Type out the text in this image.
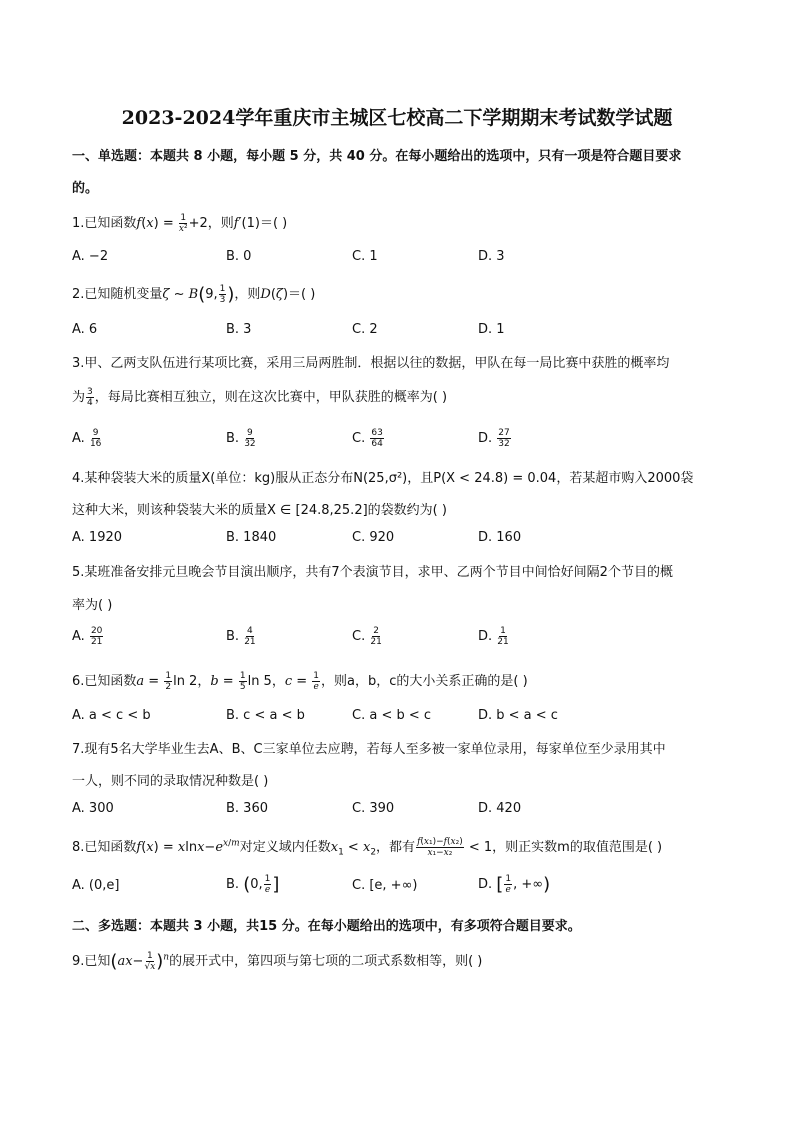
2023-2024学年重庆市主城区七校高二下学期期末考试数学试题
一、单选题：本题共 8 小题，每小题 5 分，共 40 分。在每小题给出的选项中，只有一项是符合题目要求
的。
1.已知函数$f(x) = \frac{1}{\text{x²}} +2$，则f′(1)＝( )
A. −2	B. 0	C. 1	D. 3
2.已知随机变量ζ ~ B(9, $\frac{1}{3}$ )，则D(ζ)＝( )
A. 6	B. 3	C. 2	D. 1
3.甲、乙两支队伍进行某项比赛，采用三局两胜制．根据以往的数据，甲队在每一局比赛中获胜的概率均
为 $\frac{3}{4}$ ，每局比赛相互独立，则在这次比赛中，甲队获胜的概率为( )
A. $\frac{9}{16}$	B. $\frac{9}{32}$	C. $\frac{63}{64}$	D. $\frac{27}{32}$
4.某种袋装大米的质量X(单位：kg)服从正态分布N(25,σ²)，且P(X < 24.8) = 0.04，若某超市购入2000袋
这种大米，则该种袋装大米的质量X ∈ [24.8,25.2]的袋数约为( )
A. 1920	B. 1840	C. 920	D. 160
5.某班准备安排元旦晚会节目演出顺序，共有7个表演节目，求甲、乙两个节目中间恰好间隔2个节目的概
率为( )
A. $\frac{20}{21}$	B. $\frac{4}{21}$	C. $\frac{2}{21}$	D. $\frac{1}{21}$
6.已知函数$a = \frac{1}{2}$ ln 2，$b = \frac{1}{5}$ ln 5，$c = \frac{1}{e}$ ，则a，b，c的大小关系正确的是( )
A. a < c < b	B. c < a < b	C. a < b < c	D. b < a < c
7.现有5名大学毕业生去A、B、C三家单位去应聘，若每人至多被一家单位录用，每家单位至少录用其中
一人，则不同的录取情况种数是( )
A. 300	B. 360	C. 390	D. 420
8.已知函数$f(x) = xlnx-e^{x/m}$对定义域内任数$x_1 < x_2$，都有 $\frac{\text{f(x₁)−f(x₂)}}{\text{x₁−x₂}} < 1$，则正实数m的取值范围是( )
A. (0,e]	B. (0, $\frac{1}{e}$ ]	C. [e, +∞)	D. [ $\frac{1}{e}$ , +∞)
二、多选题：本题共 3 小题，共15 分。在每小题给出的选项中，有多项符合题目要求。
9.已知$(ax- \frac{1}{√x} )^n$的展开式中，第四项与第七项的二项式系数相等，则( )
